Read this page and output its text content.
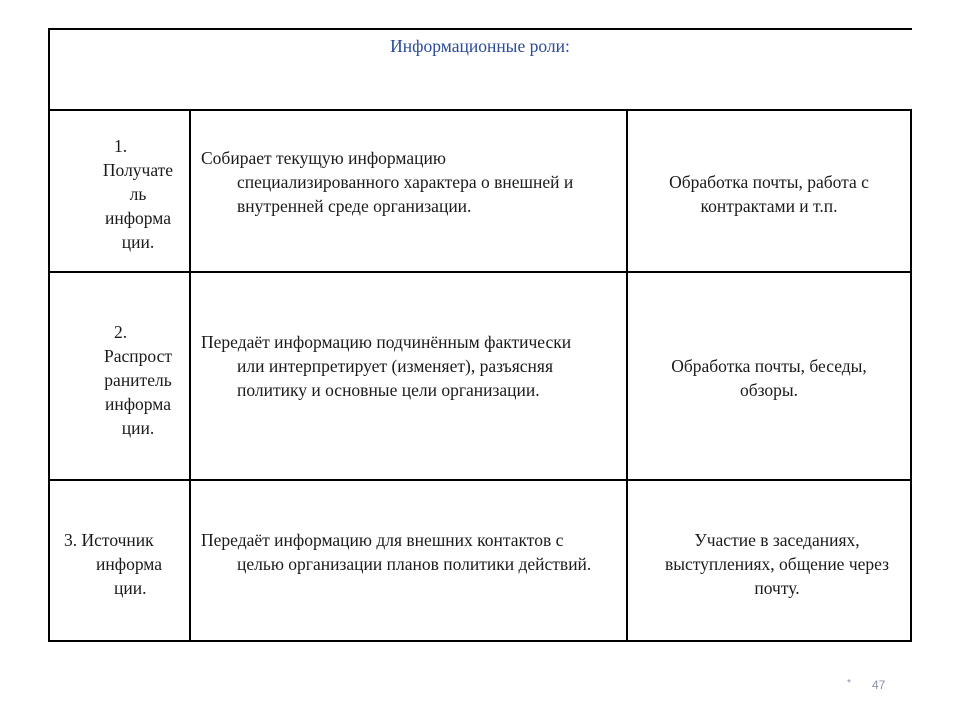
Информационные роли:
1.
Получате
ль
информа
ции.
Собирает текущую информацию специализированного характера о внешней и внутренней среде организации.
Обработка почты, работа с контрактами и т.п.
2.
Распрост
ранитель
информа
ции.
Передаёт информацию подчинённым фактически или интерпретирует (изменяет), разъясняя политику и основные цели организации.
Обработка почты, беседы, обзоры.
3. Источник
информа
ции.
Передаёт информацию для внешних контактов с целью организации планов политики действий.
Участие в заседаниях, выступлениях, общение через почту.
* 47
